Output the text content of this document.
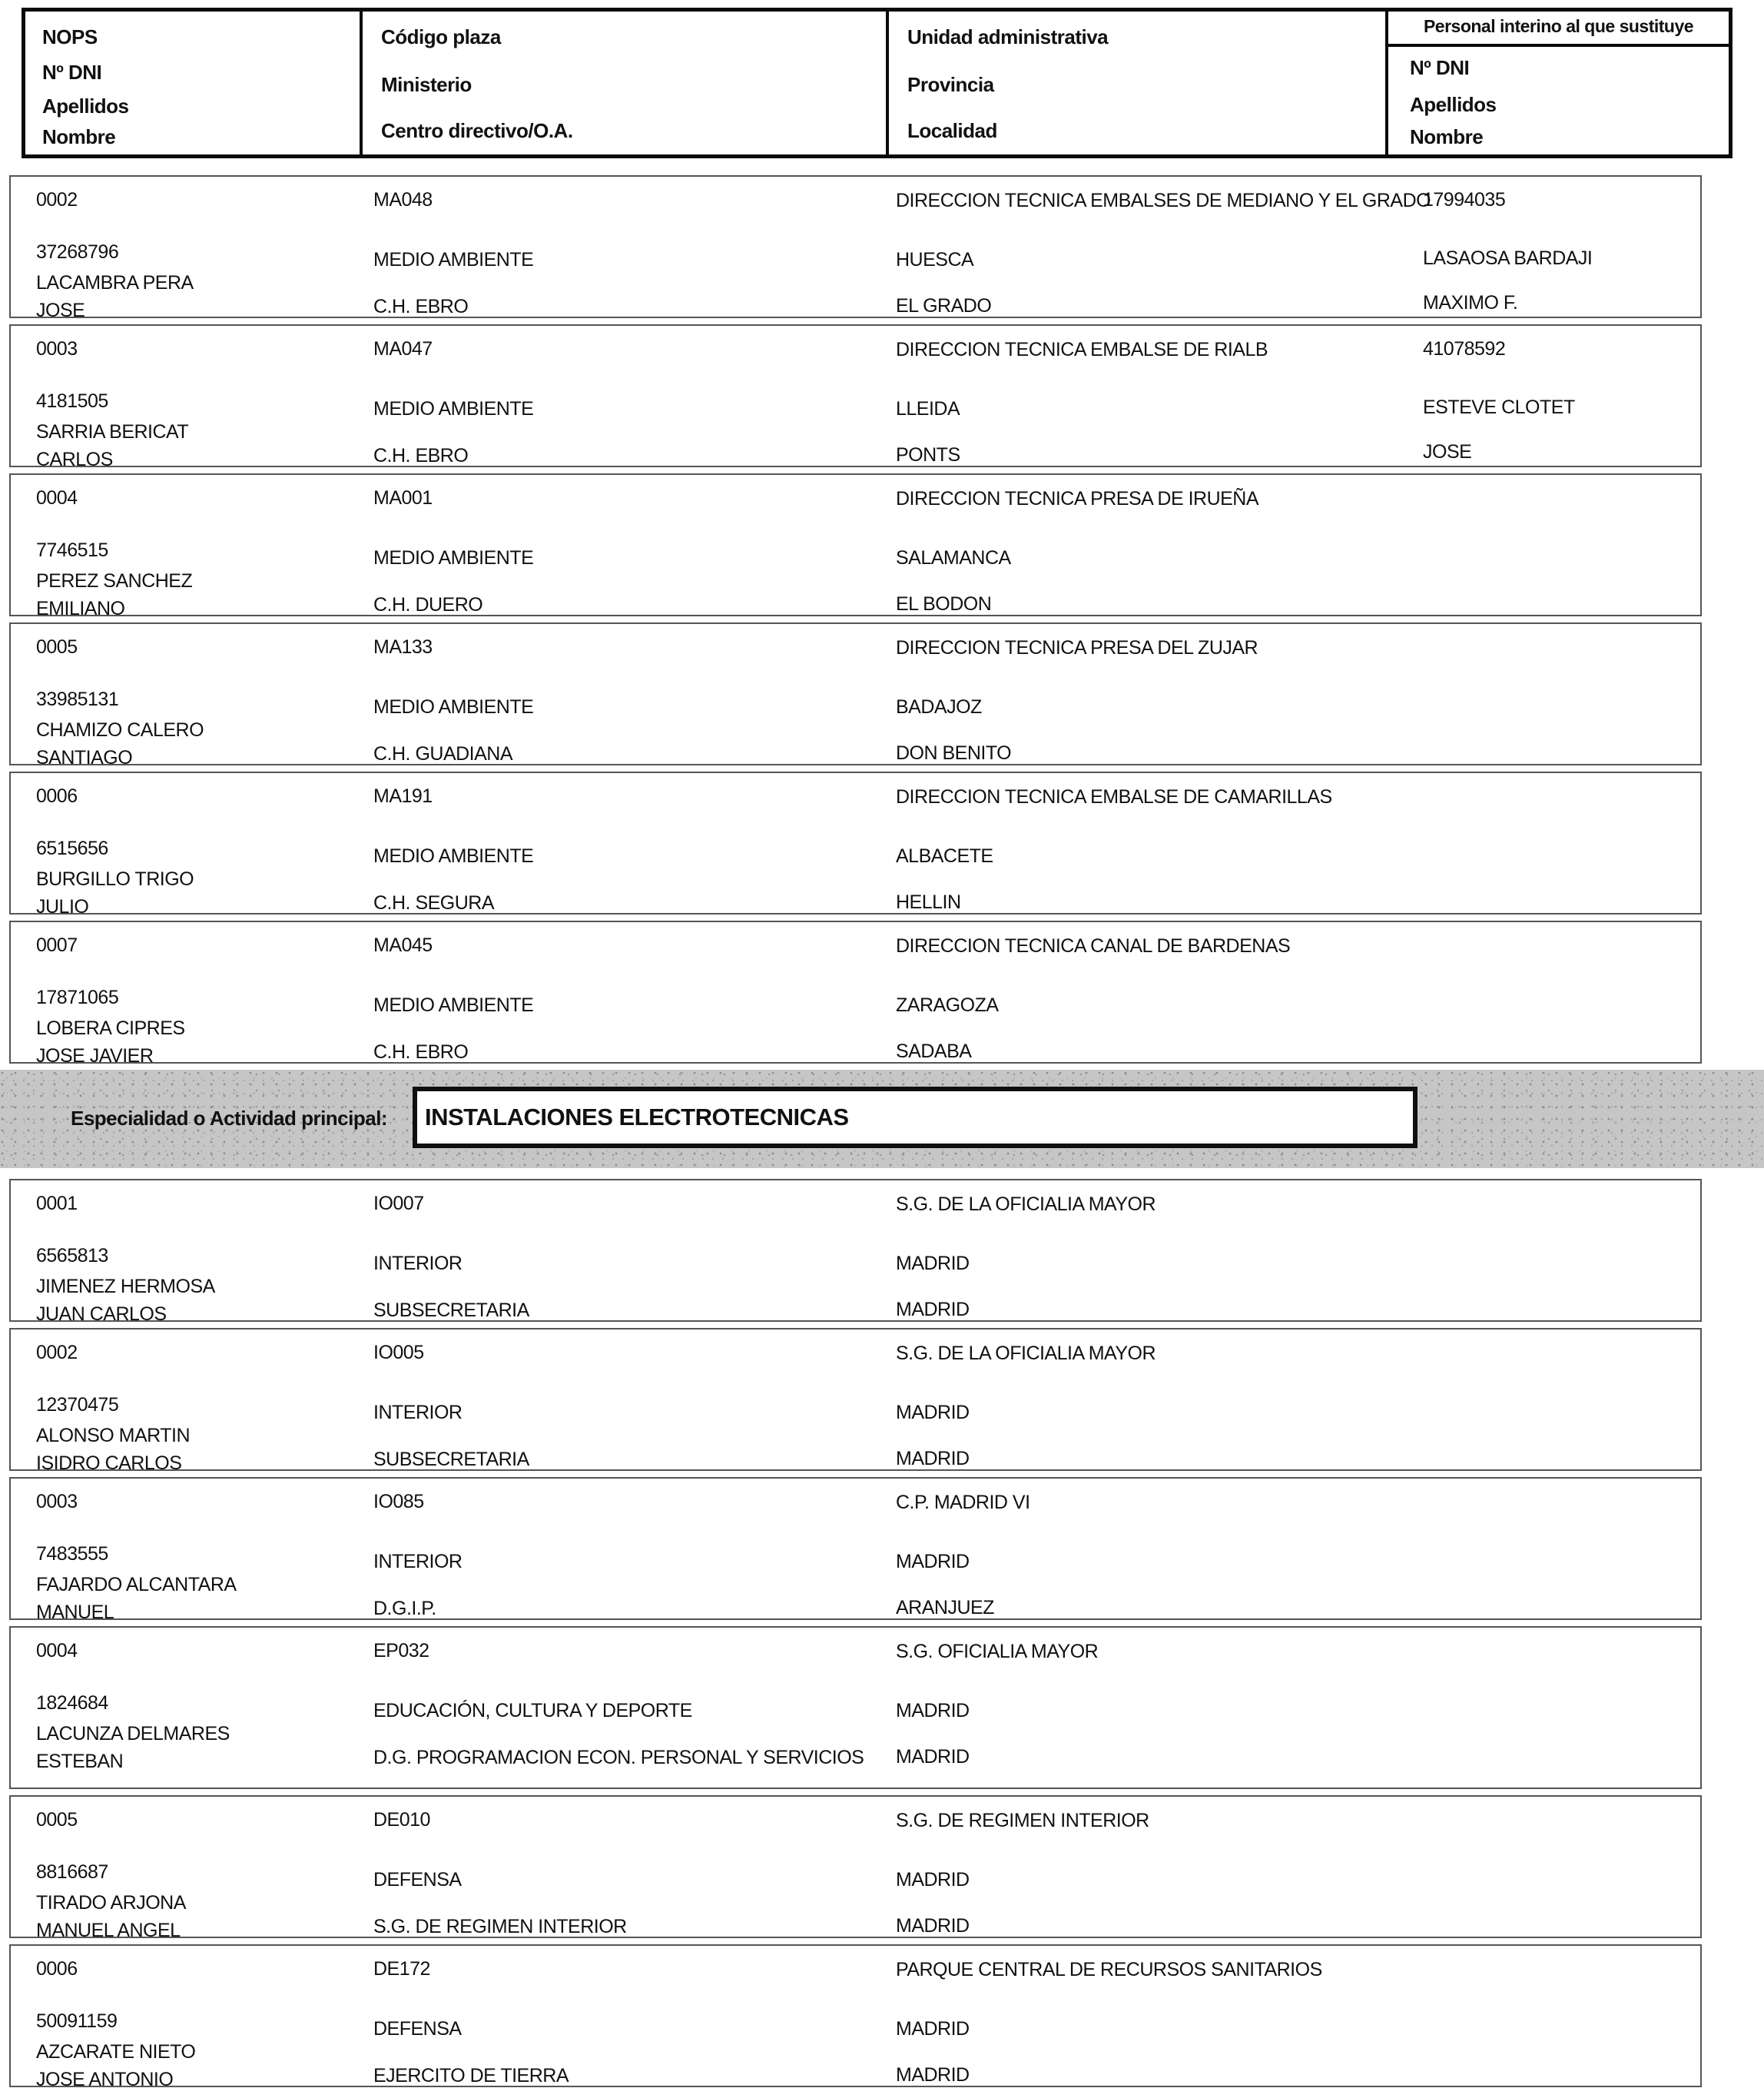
NOPS
Nº DNI
Apellidos
Nombre
Código plaza
Ministerio
Centro directivo/O.A.
Unidad administrativa
Provincia
Localidad
Personal interino al que sustituye
Nº DNI
Apellidos
Nombre
0002
37268796
LACAMBRA PERA
JOSE
MA048
MEDIO AMBIENTE
C.H. EBRO
DIRECCION TECNICA EMBALSES DE MEDIANO Y EL GRADO
HUESCA
EL GRADO
17994035
LASAOSA BARDAJI
MAXIMO F.
0003
4181505
SARRIA BERICAT
CARLOS
MA047
MEDIO AMBIENTE
C.H. EBRO
DIRECCION TECNICA EMBALSE DE RIALB
LLEIDA
PONTS
41078592
ESTEVE CLOTET
JOSE
0004
7746515
PEREZ SANCHEZ
EMILIANO
MA001
MEDIO AMBIENTE
C.H. DUERO
DIRECCION TECNICA PRESA DE IRUEÑA
SALAMANCA
EL BODON
0005
33985131
CHAMIZO CALERO
SANTIAGO
MA133
MEDIO AMBIENTE
C.H. GUADIANA
DIRECCION TECNICA PRESA DEL ZUJAR
BADAJOZ
DON BENITO
0006
6515656
BURGILLO TRIGO
JULIO
MA191
MEDIO AMBIENTE
C.H. SEGURA
DIRECCION TECNICA EMBALSE DE CAMARILLAS
ALBACETE
HELLIN
0007
17871065
LOBERA CIPRES
JOSE JAVIER
MA045
MEDIO AMBIENTE
C.H. EBRO
DIRECCION TECNICA CANAL DE BARDENAS
ZARAGOZA
SADABA
Especialidad o Actividad principal: INSTALACIONES ELECTROTECNICAS
0001
6565813
JIMENEZ HERMOSA
JUAN CARLOS
IO007
INTERIOR
SUBSECRETARIA
S.G. DE LA OFICIALIA MAYOR
MADRID
MADRID
0002
12370475
ALONSO MARTIN
ISIDRO CARLOS
IO005
INTERIOR
SUBSECRETARIA
S.G. DE LA OFICIALIA MAYOR
MADRID
MADRID
0003
7483555
FAJARDO ALCANTARA
MANUEL
IO085
INTERIOR
D.G.I.P.
C.P. MADRID VI
MADRID
ARANJUEZ
0004
1824684
LACUNZA DELMARES
ESTEBAN
EP032
EDUCACIÓN, CULTURA Y DEPORTE
D.G. PROGRAMACION ECON. PERSONAL Y SERVICIOS
S.G. OFICIALIA MAYOR
MADRID
MADRID
0005
8816687
TIRADO ARJONA
MANUEL ANGEL
DE010
DEFENSA
S.G. DE REGIMEN INTERIOR
S.G. DE REGIMEN INTERIOR
MADRID
MADRID
0006
50091159
AZCARATE NIETO
JOSE ANTONIO
DE172
DEFENSA
EJERCITO DE TIERRA
PARQUE CENTRAL DE RECURSOS SANITARIOS
MADRID
MADRID
